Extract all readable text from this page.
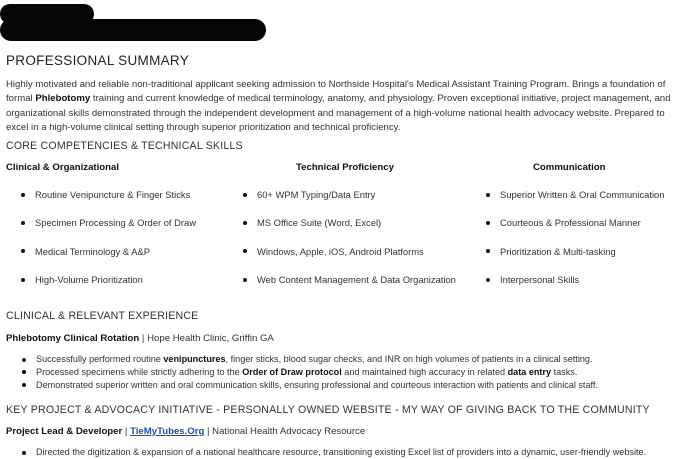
PROFESSIONAL SUMMARY
Highly motivated and reliable non-traditional applicant seeking admission to Northside Hospital's Medical Assistant Training Program. Brings a foundation of formal Phlebotomy training and current knowledge of medical terminology, anatomy, and physiology. Proven exceptional initiative, project management, and organizational skills demonstrated through the independent development and management of a high-volume national health advocacy website. Prepared to excel in a high-volume clinical setting through superior prioritization and technical proficiency.
CORE COMPETENCIES & TECHNICAL SKILLS
Clinical & Organizational	Technical Proficiency	Communication
Routine Venipuncture & Finger Sticks
Specimen Processing & Order of Draw
Medical Terminology & A&P
High-Volume Prioritization
60+ WPM Typing/Data Entry
MS Office Suite (Word, Excel)
Windows, Apple, iOS, Android Platforms
Web Content Management & Data Organization
Superior Written & Oral Communication
Courteous & Professional Manner
Prioritization & Multi-tasking
Interpersonal Skills
CLINICAL & RELEVANT EXPERIENCE
Phlebotomy Clinical Rotation | Hope Health Clinic, Griffin GA
Successfully performed routine venipunctures, finger sticks, blood sugar checks, and INR on high volumes of patients in a clinical setting.
Processed specimens while strictly adhering to the Order of Draw protocol and maintained high accuracy in related data entry tasks.
Demonstrated superior written and oral communication skills, ensuring professional and courteous interaction with patients and clinical staff.
KEY PROJECT & ADVOCACY INITIATIVE - PERSONALLY OWNED WEBSITE - MY WAY OF GIVING BACK TO THE COMMUNITY
Project Lead & Developer | TieMyTubes.Org | National Health Advocacy Resource
Directed the digitization & expansion of a national healthcare resource, transitioning existing Excel list of providers into a dynamic, user-friendly website.
